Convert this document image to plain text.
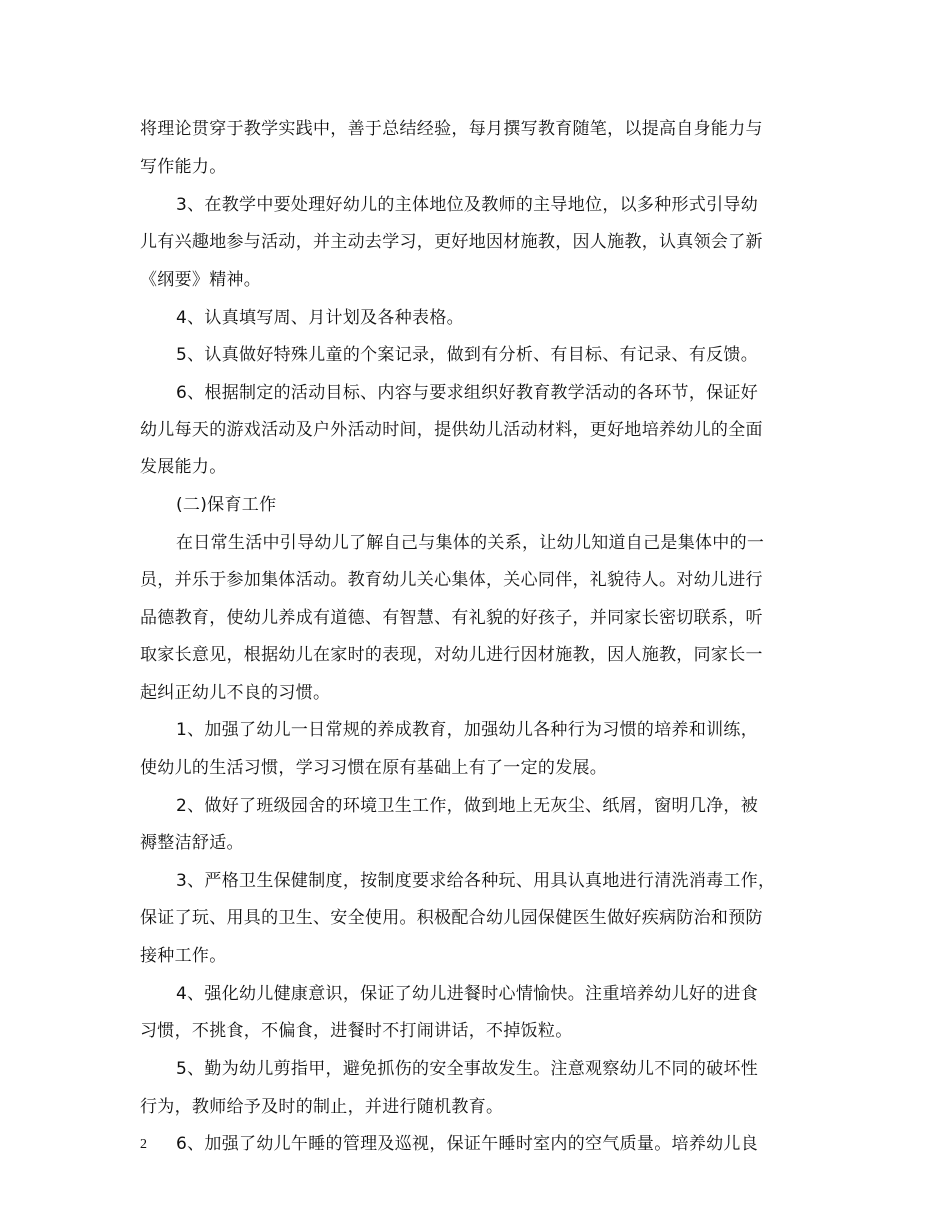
将理论贯穿于教学实践中，善于总结经验，每月撰写教育随笔，以提高自身能力与
写作能力。
3、在教学中要处理好幼儿的主体地位及教师的主导地位，以多种形式引导幼
儿有兴趣地参与活动，并主动去学习，更好地因材施教，因人施教，认真领会了新
《纲要》精神。
4、认真填写周、月计划及各种表格。
5、认真做好特殊儿童的个案记录，做到有分析、有目标、有记录、有反馈。
6、根据制定的活动目标、内容与要求组织好教育教学活动的各环节，保证好
幼儿每天的游戏活动及户外活动时间，提供幼儿活动材料，更好地培养幼儿的全面
发展能力。
(二)保育工作
在日常生活中引导幼儿了解自己与集体的关系，让幼儿知道自己是集体中的一
员，并乐于参加集体活动。教育幼儿关心集体，关心同伴，礼貌待人。对幼儿进行
品德教育，使幼儿养成有道德、有智慧、有礼貌的好孩子，并同家长密切联系，听
取家长意见，根据幼儿在家时的表现，对幼儿进行因材施教，因人施教，同家长一
起纠正幼儿不良的习惯。
1、加强了幼儿一日常规的养成教育，加强幼儿各种行为习惯的培养和训练，
使幼儿的生活习惯，学习习惯在原有基础上有了一定的发展。
2、做好了班级园舍的环境卫生工作，做到地上无灰尘、纸屑，窗明几净，被
褥整洁舒适。
3、严格卫生保健制度，按制度要求给各种玩、用具认真地进行清洗消毒工作，
保证了玩、用具的卫生、安全使用。积极配合幼儿园保健医生做好疾病防治和预防
接种工作。
4、强化幼儿健康意识，保证了幼儿进餐时心情愉快。注重培养幼儿好的进食
习惯，不挑食，不偏食，进餐时不打闹讲话，不掉饭粒。
5、勤为幼儿剪指甲，避免抓伤的安全事故发生。注意观察幼儿不同的破坏性
行为，教师给予及时的制止，并进行随机教育。
6、加强了幼儿午睡的管理及巡视，保证午睡时室内的空气质量。培养幼儿良
2
